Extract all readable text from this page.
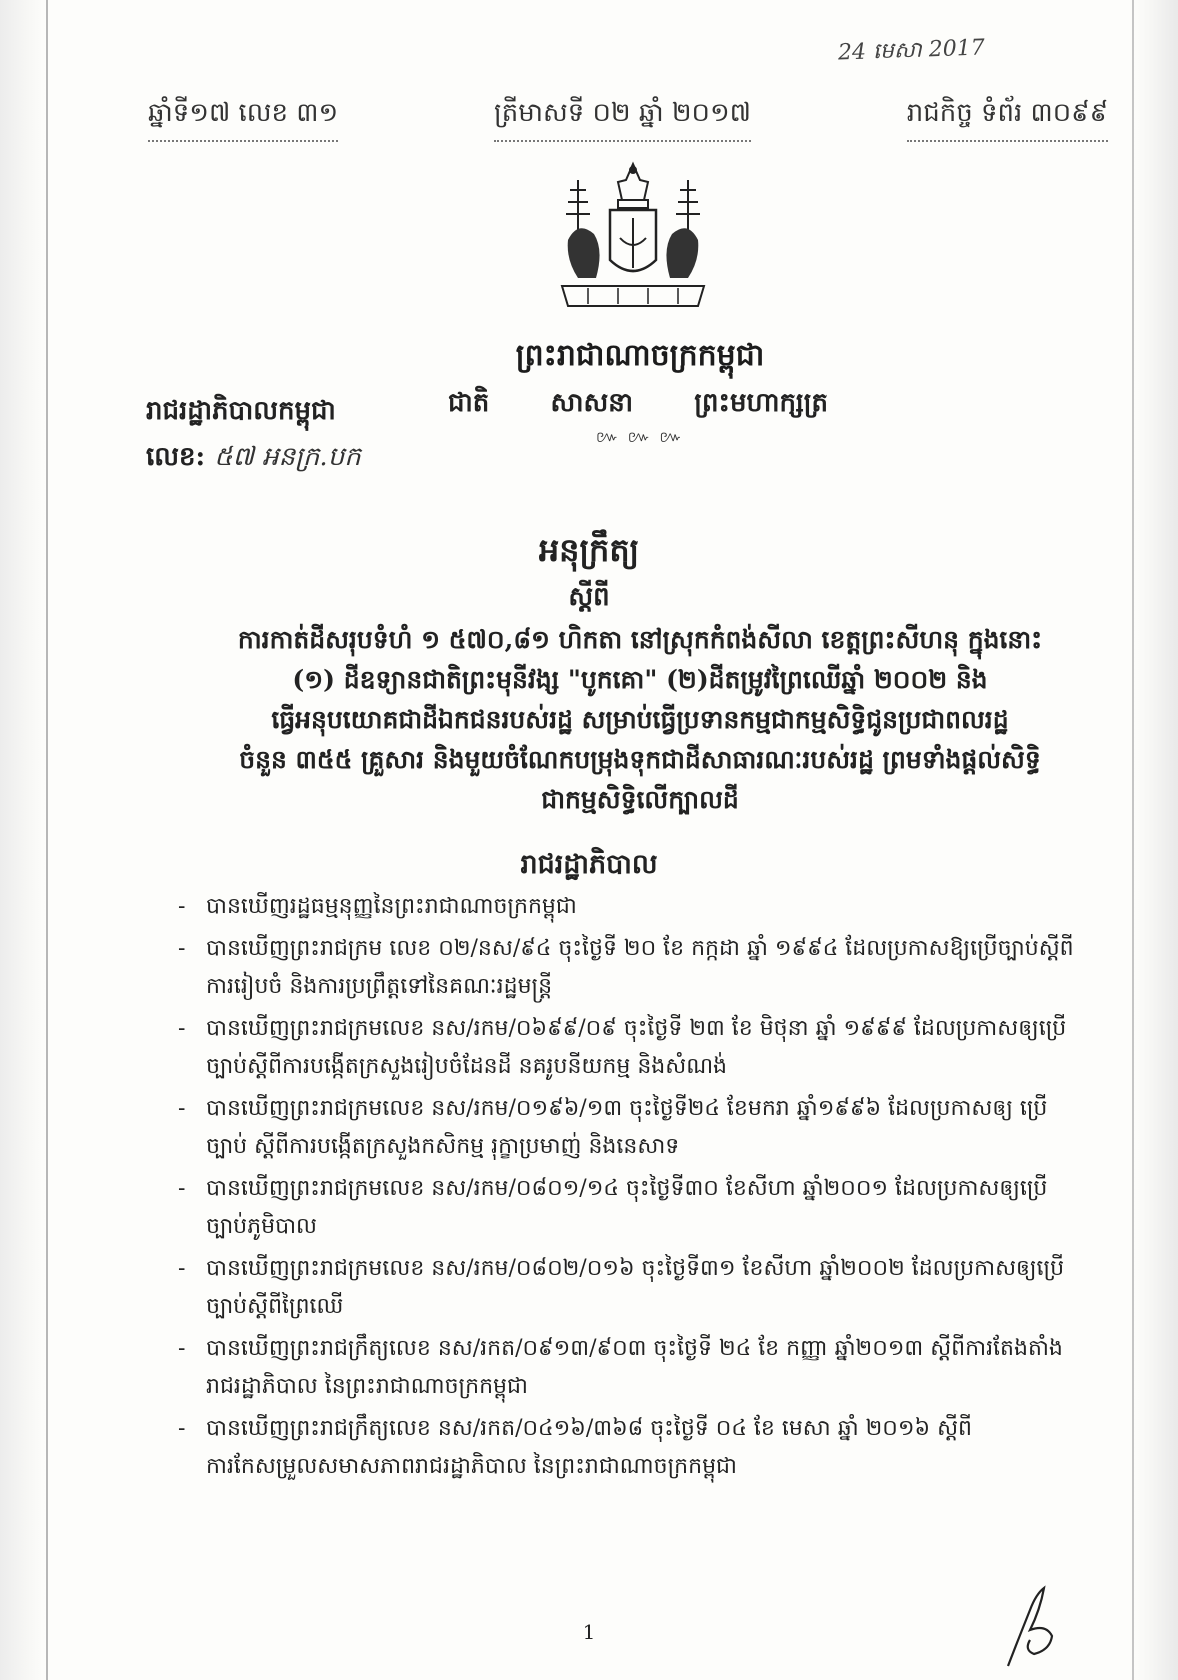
24 មេសា 2017
ឆ្នាំទី១៧ លេខ ៣១	ត្រីមាសទី ០២ ឆ្នាំ ២០១៧	រាជកិច្ច ទំព័រ ៣០៩៩
ព្រះរាជាណាចក្រកម្ពុជា
ជាតិ សាសនា ព្រះមហាក្សត្រ
៚ ៚ ៚
រាជរដ្ឋាភិបាលកម្ពុជា
លេខ: ៥៧ អនក្រ.បក
អនុក្រឹត្យ
ស្តីពី
ការកាត់ដីសរុបទំហំ ១ ៥៧០,៨១ ហិកតា នៅស្រុកកំពង់សីលា ខេត្តព្រះសីហនុ ក្នុងនោះ
(១) ដីឧទ្យានជាតិព្រះមុនីវង្ស "បូកគោ" (២)ដីតម្រូវព្រៃឈើឆ្នាំ ២០០២ និង
ធ្វើអនុបយោគជាដីឯកជនរបស់រដ្ឋ សម្រាប់ធ្វើប្រទានកម្មជាកម្មសិទ្ធិជូនប្រជាពលរដ្ឋ
ចំនួន ៣៥៥ គ្រួសារ និងមួយចំណែកបម្រុងទុកជាដីសាធារណៈរបស់រដ្ឋ ព្រមទាំងផ្តល់សិទ្ធិ
ជាកម្មសិទ្ធិលើក្បាលដី
រាជរដ្ឋាភិបាល
- បានឃើញរដ្ឋធម្មនុញ្ញនៃព្រះរាជាណាចក្រកម្ពុជា
- បានឃើញព្រះរាជក្រម លេខ ០២/នស/៩៤ ចុះថ្ងៃទី ២០ ខែ កក្កដា ឆ្នាំ ១៩៩៤ ដែលប្រកាសឱ្យប្រើច្បាប់ស្តីពីការរៀបចំ និងការប្រព្រឹត្តទៅនៃគណៈរដ្ឋមន្ត្រី
- បានឃើញព្រះរាជក្រមលេខ នស/រកម/០៦៩៩/០៩ ចុះថ្ងៃទី ២៣ ខែ មិថុនា ឆ្នាំ ១៩៩៩ ដែលប្រកាសឲ្យប្រើច្បាប់ស្តីពីការបង្កើតក្រសួងរៀបចំដែនដី នគរូបនីយកម្ម និងសំណង់
- បានឃើញព្រះរាជក្រមលេខ នស/រកម/០១៩៦/១៣ ចុះថ្ងៃទី២៤ ខែមករា ឆ្នាំ១៩៩៦ ដែលប្រកាសឲ្យ ប្រើច្បាប់ ស្តីពីការបង្កើតក្រសួងកសិកម្ម រុក្ខាប្រមាញ់ និងនេសាទ
- បានឃើញព្រះរាជក្រមលេខ នស/រកម/០៨០១/១៤ ចុះថ្ងៃទី៣០ ខែសីហា ឆ្នាំ២០០១ ដែលប្រកាសឲ្យប្រើច្បាប់ភូមិបាល
- បានឃើញព្រះរាជក្រមលេខ នស/រកម/០៨០២/០១៦ ចុះថ្ងៃទី៣១ ខែសីហា ឆ្នាំ២០០២ ដែលប្រកាសឲ្យប្រើច្បាប់ស្តីពីព្រៃឈើ
- បានឃើញព្រះរាជក្រឹត្យលេខ នស/រកត/០៩១៣/៩០៣ ចុះថ្ងៃទី ២៤ ខែ កញ្ញា ឆ្នាំ២០១៣ ស្តីពីការតែងតាំងរាជរដ្ឋាភិបាល នៃព្រះរាជាណាចក្រកម្ពុជា
- បានឃើញព្រះរាជក្រឹត្យលេខ នស/រកត/០៤១៦/៣៦៨ ចុះថ្ងៃទី ០៤ ខែ មេសា ឆ្នាំ ២០១៦ ស្តីពីការកែសម្រួលសមាសភាពរាជរដ្ឋាភិបាល នៃព្រះរាជាណាចក្រកម្ពុជា
1
